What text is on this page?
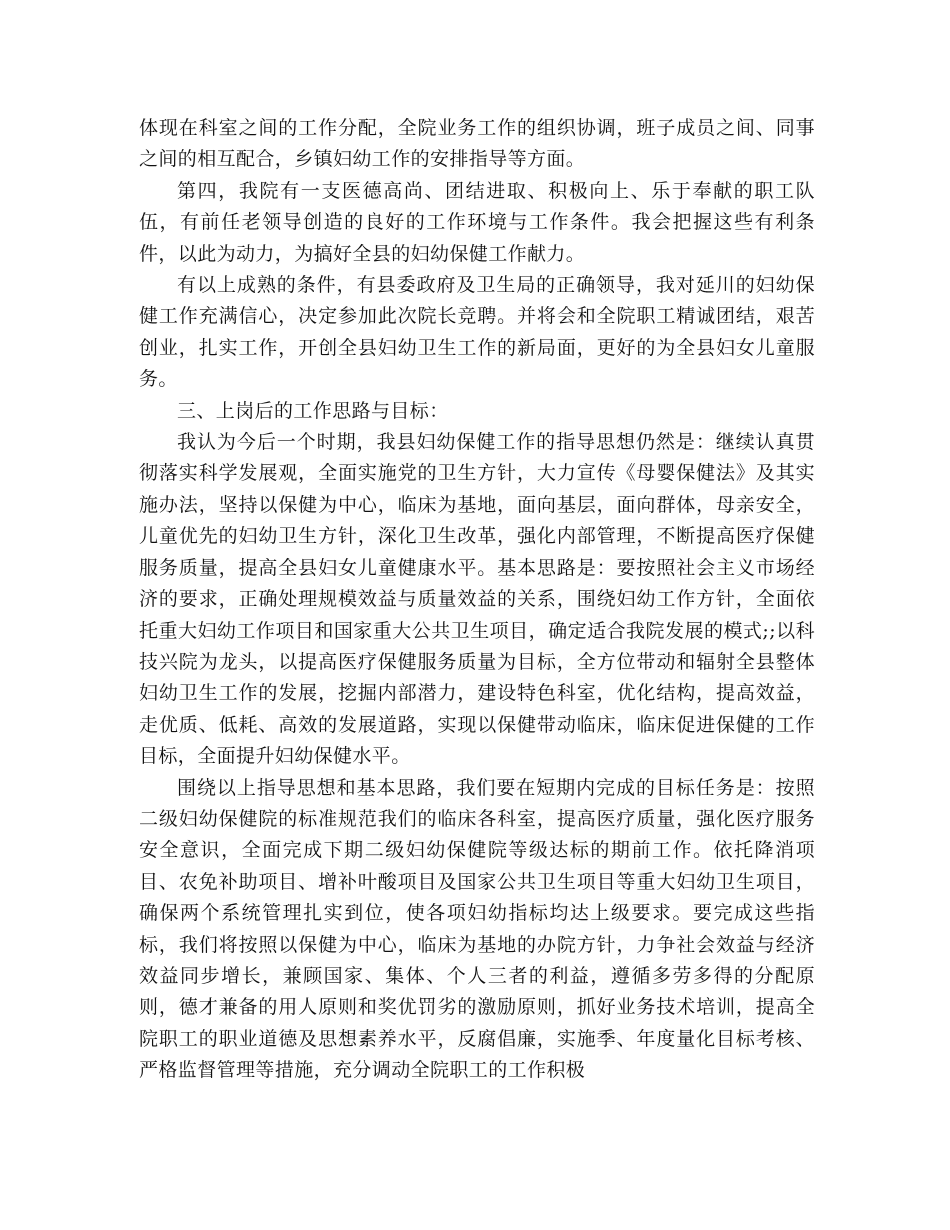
体现在科室之间的工作分配，全院业务工作的组织协调，班子成员之间、同事之间的相互配合，乡镇妇幼工作的安排指导等方面。

第四，我院有一支医德高尚、团结进取、积极向上、乐于奉献的职工队伍，有前任老领导创造的良好的工作环境与工作条件。我会把握这些有利条件，以此为动力，为搞好全县的妇幼保健工作献力。

有以上成熟的条件，有县委政府及卫生局的正确领导，我对延川的妇幼保健工作充满信心，决定参加此次院长竞聘。并将会和全院职工精诚团结，艰苦创业，扎实工作，开创全县妇幼卫生工作的新局面，更好的为全县妇女儿童服务。

三、上岗后的工作思路与目标：

我认为今后一个时期，我县妇幼保健工作的指导思想仍然是：继续认真贯彻落实科学发展观，全面实施党的卫生方针，大力宣传《母婴保健法》及其实施办法，坚持以保健为中心，临床为基地，面向基层，面向群体，母亲安全，儿童优先的妇幼卫生方针，深化卫生改革，强化内部管理，不断提高医疗保健服务质量，提高全县妇女儿童健康水平。基本思路是：要按照社会主义市场经济的要求，正确处理规模效益与质量效益的关系，围绕妇幼工作方针，全面依托重大妇幼工作项目和国家重大公共卫生项目，确定适合我院发展的模式;;以科技兴院为龙头，以提高医疗保健服务质量为目标，全方位带动和辐射全县整体妇幼卫生工作的发展，挖掘内部潜力，建设特色科室，优化结构，提高效益，走优质、低耗、高效的发展道路，实现以保健带动临床，临床促进保健的工作目标，全面提升妇幼保健水平。

围绕以上指导思想和基本思路，我们要在短期内完成的目标任务是：按照二级妇幼保健院的标准规范我们的临床各科室，提高医疗质量，强化医疗服务安全意识，全面完成下期二级妇幼保健院等级达标的期前工作。依托降消项目、农免补助项目、增补叶酸项目及国家公共卫生项目等重大妇幼卫生项目，确保两个系统管理扎实到位，使各项妇幼指标均达上级要求。要完成这些指标，我们将按照以保健为中心，临床为基地的办院方针，力争社会效益与经济效益同步增长，兼顾国家、集体、个人三者的利益，遵循多劳多得的分配原则，德才兼备的用人原则和奖优罚劣的激励原则，抓好业务技术培训，提高全院职工的职业道德及思想素养水平，反腐倡廉，实施季、年度量化目标考核、严格监督管理等措施，充分调动全院职工的工作积极
